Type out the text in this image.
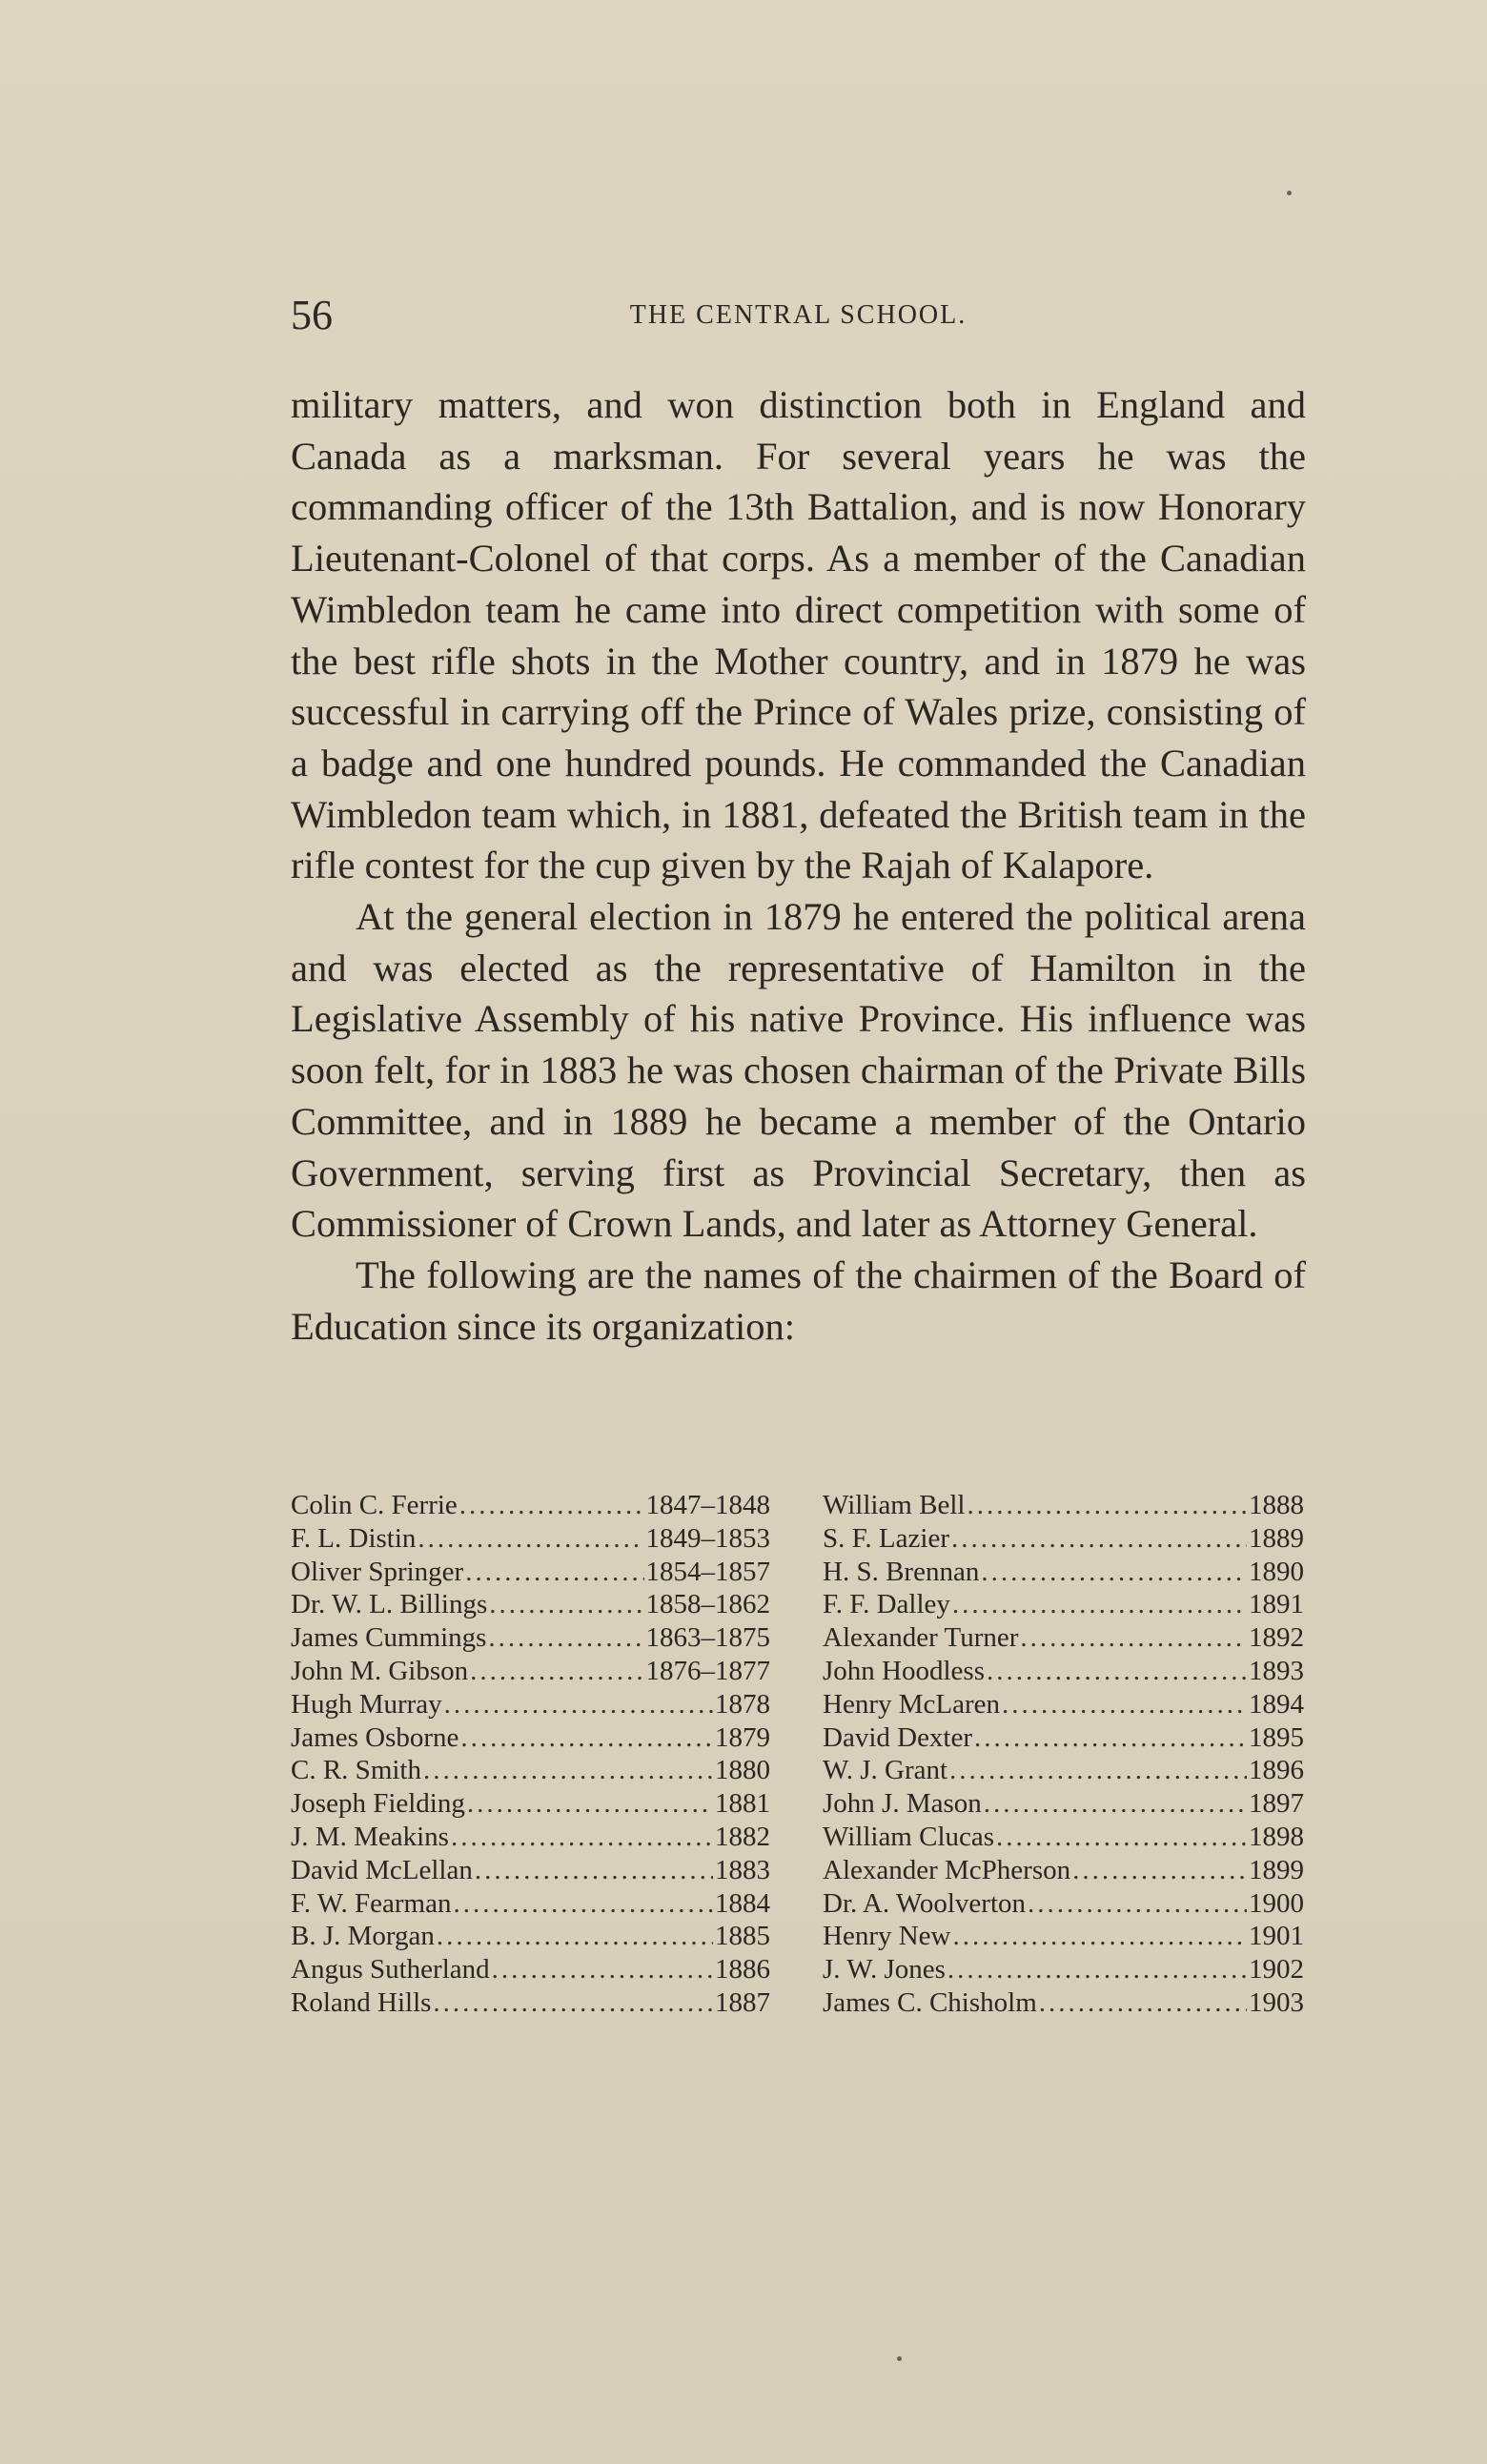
56	THE CENTRAL SCHOOL.

military matters, and won distinction both in England and Canada as a marksman. For several years he was the commanding officer of the 13th Battalion, and is now Honorary Lieutenant-Colonel of that corps. As a member of the Canadian Wimbledon team he came into direct competition with some of the best rifle shots in the Mother country, and in 1879 he was successful in carrying off the Prince of Wales prize, consisting of a badge and one hundred pounds. He commanded the Canadian Wimbledon team which, in 1881, defeated the British team in the rifle contest for the cup given by the Rajah of Kalapore.

At the general election in 1879 he entered the political arena and was elected as the representative of Hamilton in the Legislative Assembly of his native Province. His influence was soon felt, for in 1883 he was chosen chairman of the Private Bills Committee, and in 1889 he became a member of the Ontario Government, serving first as Provincial Secretary, then as Commissioner of Crown Lands, and later as Attorney General.

The following are the names of the chairmen of the Board of Education since its organization:

Colin C. Ferrie .....	1847–1848
F. L. Distin .....	1849–1853
Oliver Springer .....	1854–1857
Dr. W. L. Billings .....	1858–1862
James Cummings .....	1863–1875
John M. Gibson .....	1876–1877
Hugh Murray .....	1878
James Osborne .....	1879
C. R. Smith .....	1880
Joseph Fielding .....	1881
J. M. Meakins .....	1882
David McLellan .....	1883
F. W. Fearman .....	1884
B. J. Morgan .....	1885
Angus Sutherland .....	1886
Roland Hills .....	1887
William Bell .....	1888
S. F. Lazier .....	1889
H. S. Brennan .....	1890
F. F. Dalley .....	1891
Alexander Turner .....	1892
John Hoodless .....	1893
Henry McLaren .....	1894
David Dexter .....	1895
W. J. Grant .....	1896
John J. Mason .....	1897
William Clucas .....	1898
Alexander McPherson .....	1899
Dr. A. Woolverton .....	1900
Henry New .....	1901
J. W. Jones .....	1902
James C. Chisholm .....	1903
